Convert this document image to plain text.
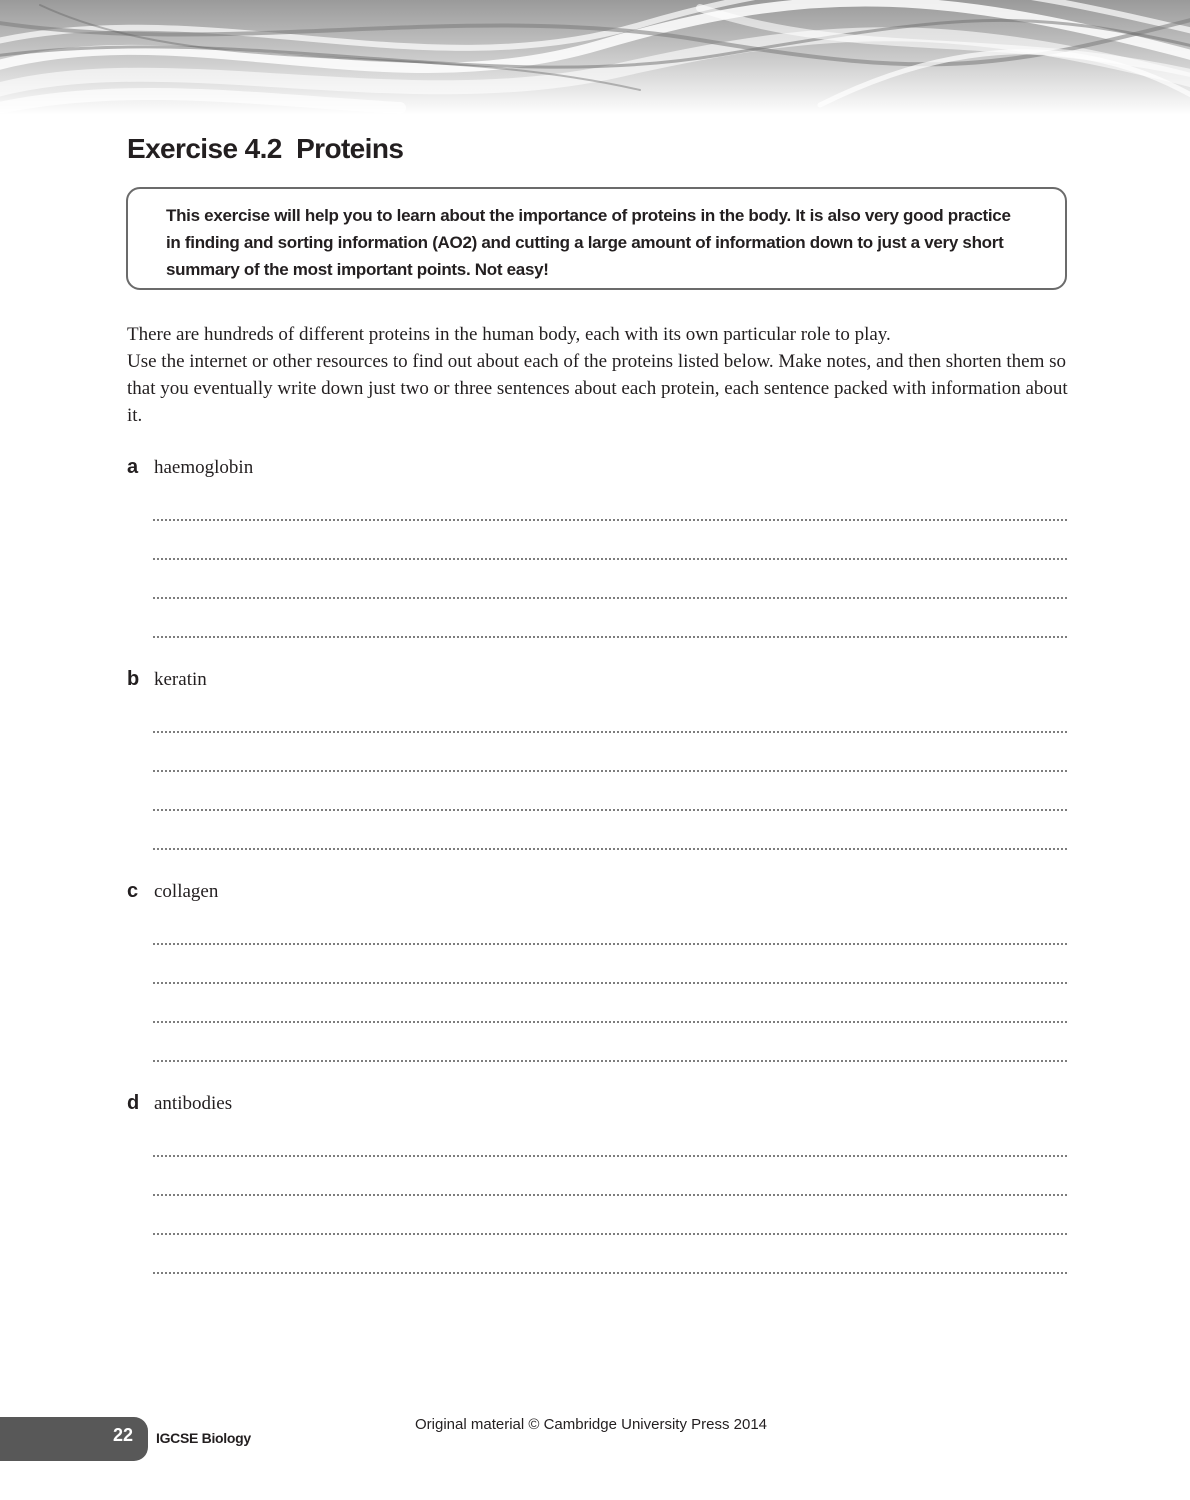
Exercise 4.2  Proteins

This exercise will help you to learn about the importance of proteins in the body. It is also very good practice in finding and sorting information (AO2) and cutting a large amount of information down to just a very short summary of the most important points. Not easy!

There are hundreds of different proteins in the human body, each with its own particular role to play.

Use the internet or other resources to find out about each of the proteins listed below. Make notes, and then shorten them so that you eventually write down just two or three sentences about each protein, each sentence packed with information about it.

a haemoglobin
b keratin
c collagen
d antibodies
22 IGCSE Biology
Original material © Cambridge University Press 2014
